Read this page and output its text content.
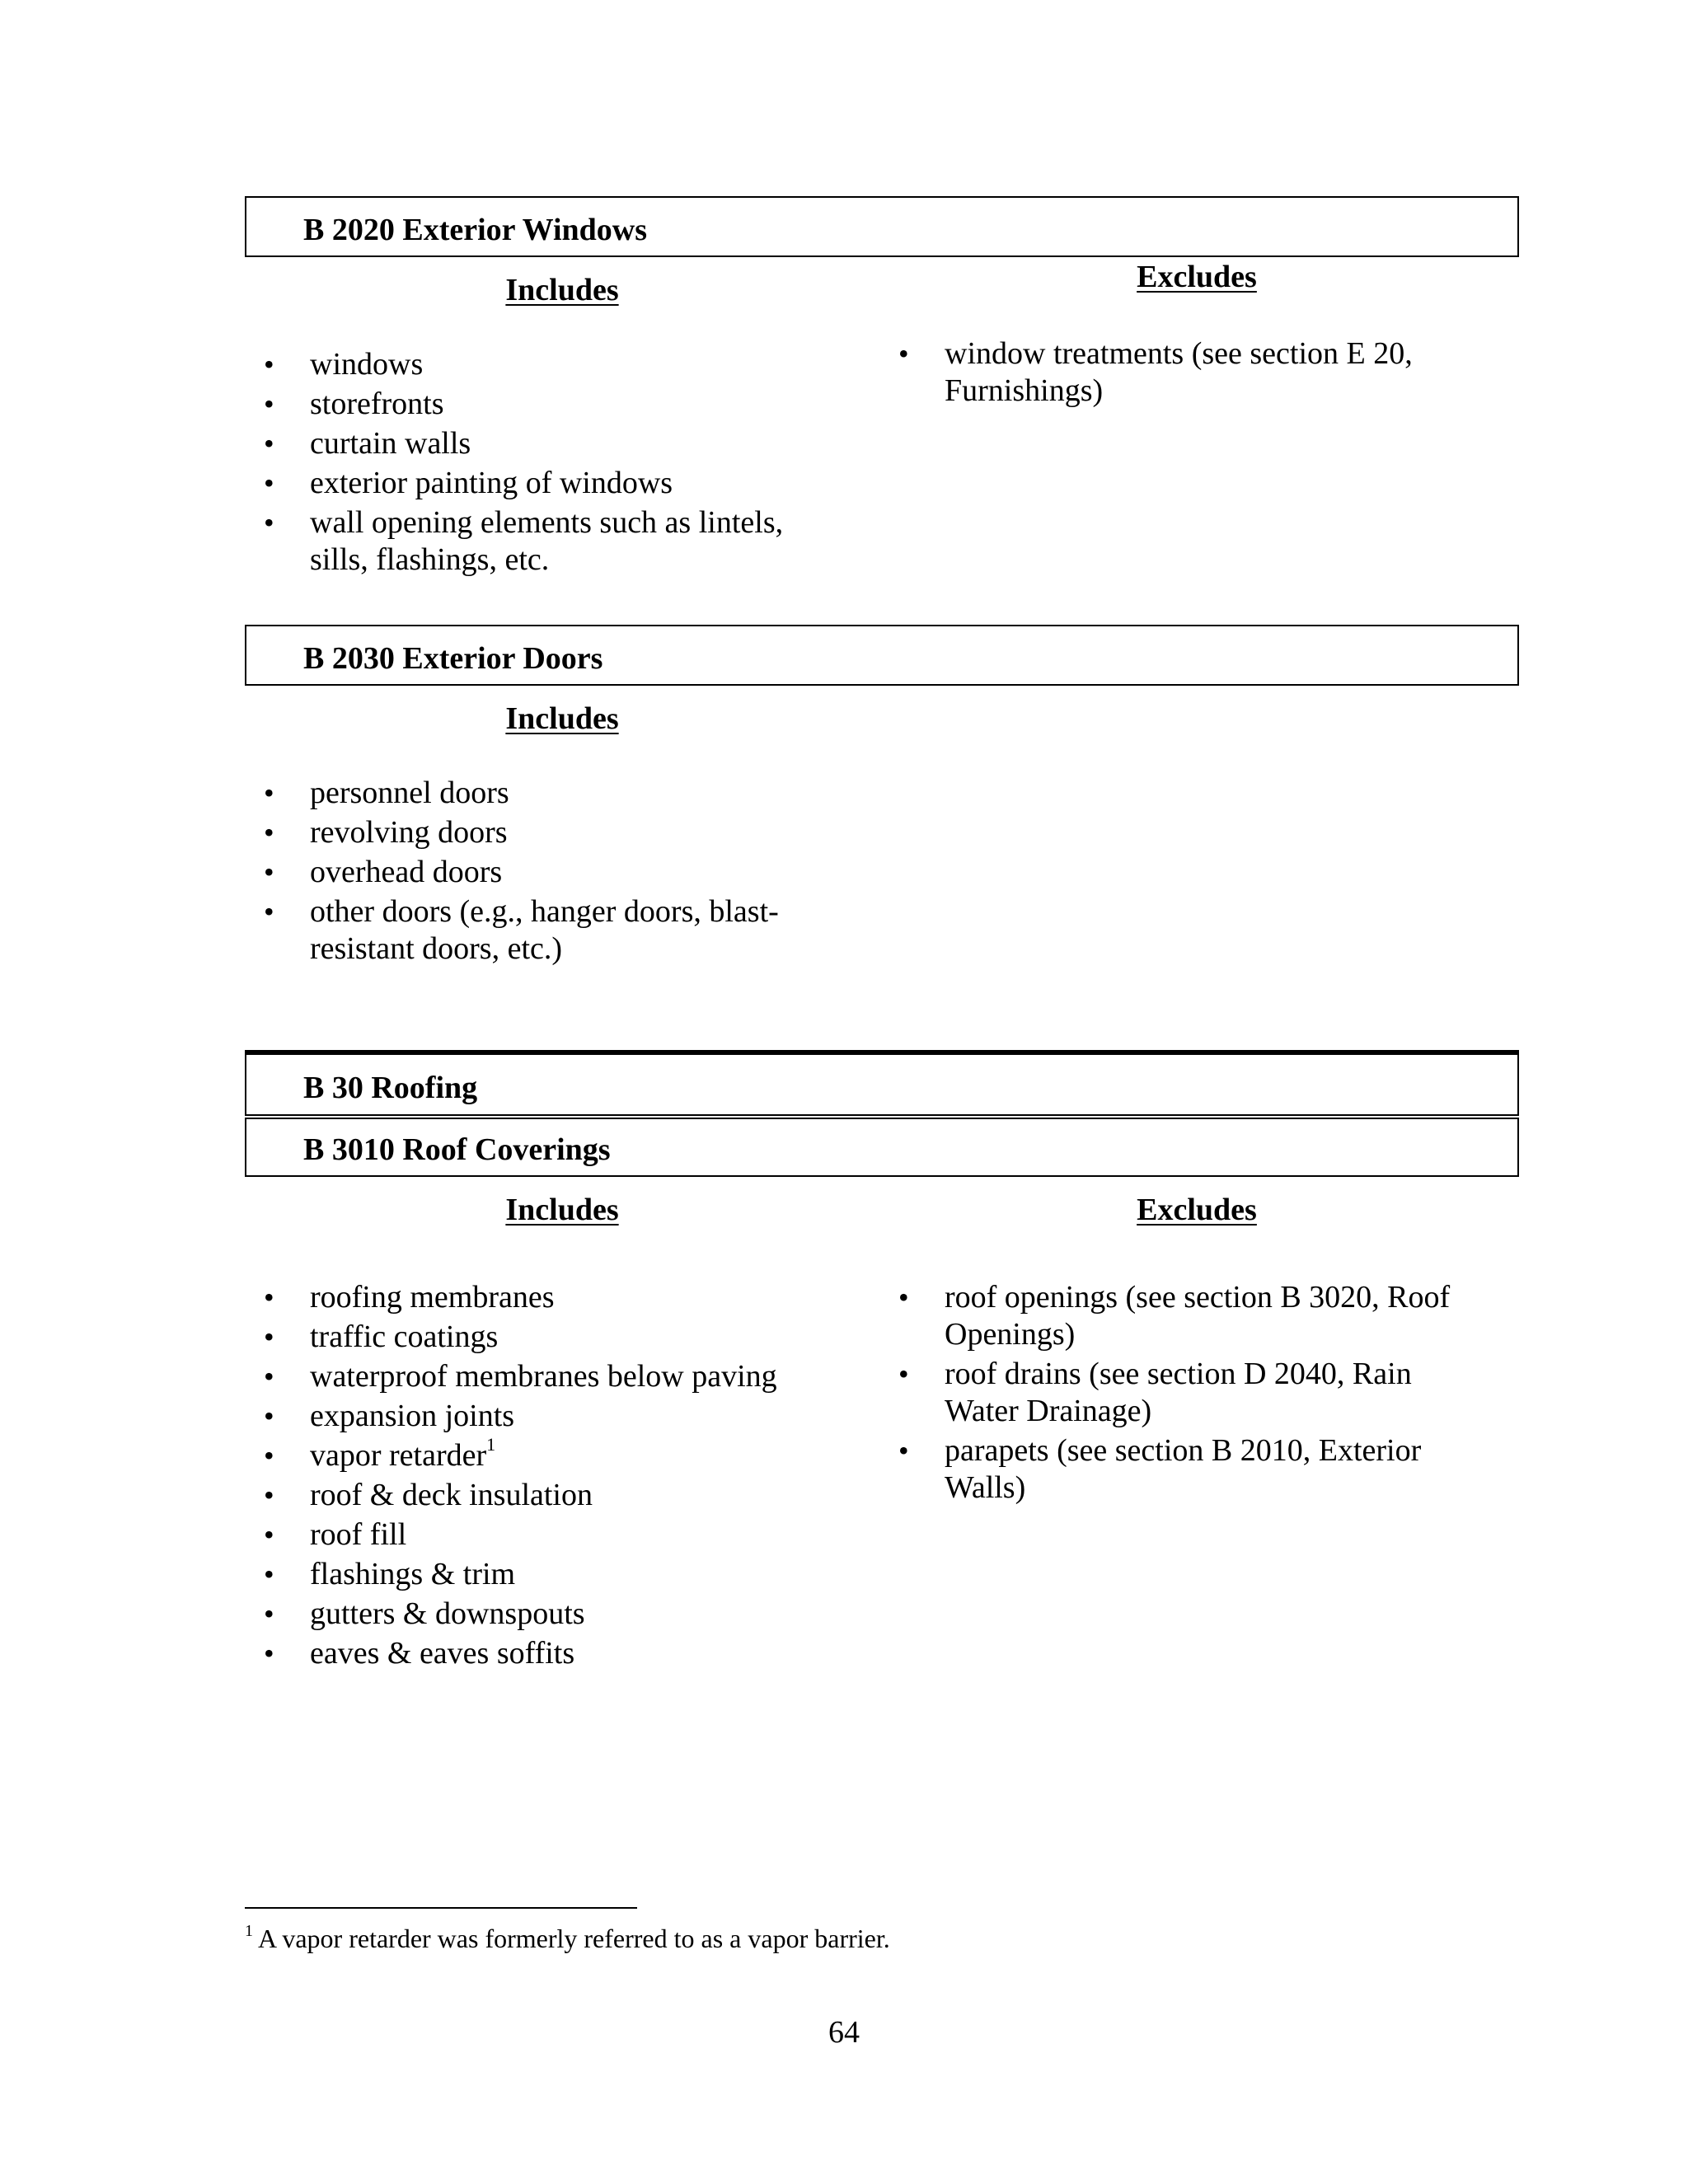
B 2020 Exterior Windows
Includes	Excludes
• windows
• storefronts
• curtain walls
• exterior painting of windows
• wall opening elements such as lintels, sills, flashings, etc.
• window treatments (see section E 20, Furnishings)
B 2030 Exterior Doors
Includes
• personnel doors
• revolving doors
• overhead doors
• other doors (e.g., hanger doors, blast-resistant doors, etc.)
B 30 Roofing
B 3010 Roof Coverings
Includes	Excludes
• roofing membranes
• traffic coatings
• waterproof membranes below paving
• expansion joints
• vapor retarder$^1$
• roof & deck insulation
• roof fill
• flashings & trim
• gutters & downspouts
• eaves & eaves soffits
• roof openings (see section B 3020, Roof Openings)
• roof drains (see section D 2040, Rain Water Drainage)
• parapets (see section B 2010, Exterior Walls)
$^1$ A vapor retarder was formerly referred to as a vapor barrier.
64
